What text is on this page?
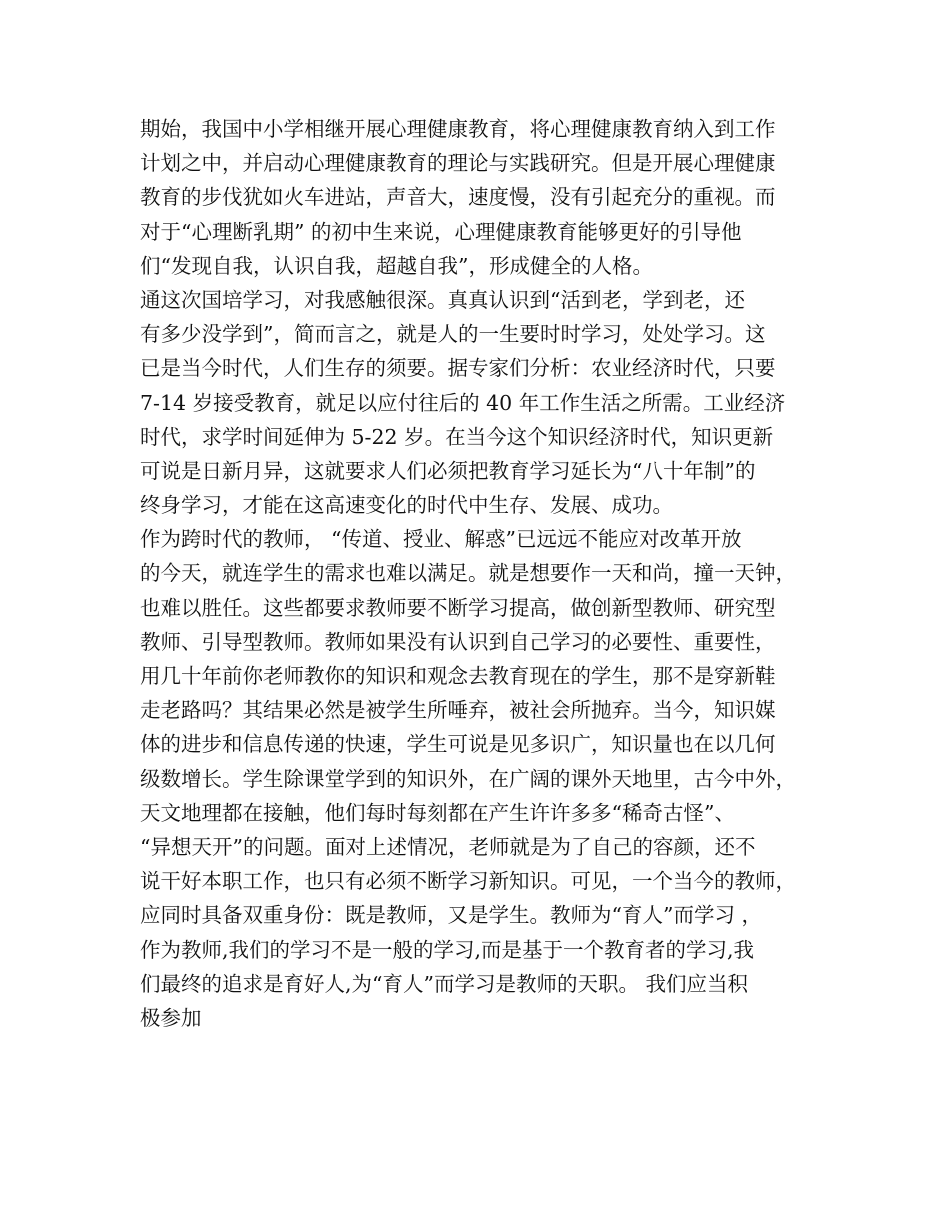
期始，我国中小学相继开展心理健康教育，将心理健康教育纳入到工作
计划之中，并启动心理健康教育的理论与实践研究。但是开展心理健康
教育的步伐犹如火车进站，声音大，速度慢，没有引起充分的重视。而
对于“心理断乳期” 的初中生来说，心理健康教育能够更好的引导他
们“发现自我，认识自我，超越自我”，形成健全的人格。
通这次国培学习，对我感触很深。真真认识到“活到老，学到老，还
有多少没学到”，简而言之，就是人的一生要时时学习，处处学习。这
已是当今时代，人们生存的须要。据专家们分析：农业经济时代，只要
7-14 岁接受教育，就足以应付往后的 40 年工作生活之所需。工业经济
时代，求学时间延伸为 5-22 岁。在当今这个知识经济时代，知识更新
可说是日新月异，这就要求人们必须把教育学习延长为“八十年制”的
终身学习，才能在这高速变化的时代中生存、发展、成功。
作为跨时代的教师， “传道、授业、解惑”已远远不能应对改革开放
的今天，就连学生的需求也难以满足。就是想要作一天和尚，撞一天钟，
也难以胜任。这些都要求教师要不断学习提高，做创新型教师、研究型
教师、引导型教师。教师如果没有认识到自己学习的必要性、重要性，
用几十年前你老师教你的知识和观念去教育现在的学生，那不是穿新鞋
走老路吗？其结果必然是被学生所唾弃，被社会所抛弃。当今，知识媒
体的进步和信息传递的快速，学生可说是见多识广，知识量也在以几何
级数增长。学生除课堂学到的知识外，在广阔的课外天地里，古今中外，
天文地理都在接触，他们每时每刻都在产生许许多多“稀奇古怪”、
“异想天开”的问题。面对上述情况，老师就是为了自己的容颜，还不
说干好本职工作，也只有必须不断学习新知识。可见，一个当今的教师，
应同时具备双重身份：既是教师，又是学生。教师为“育人”而学习 ，
作为教师,我们的学习不是一般的学习,而是基于一个教育者的学习,我
们最终的追求是育好人,为“育人”而学习是教师的天职。 我们应当积
极参加
